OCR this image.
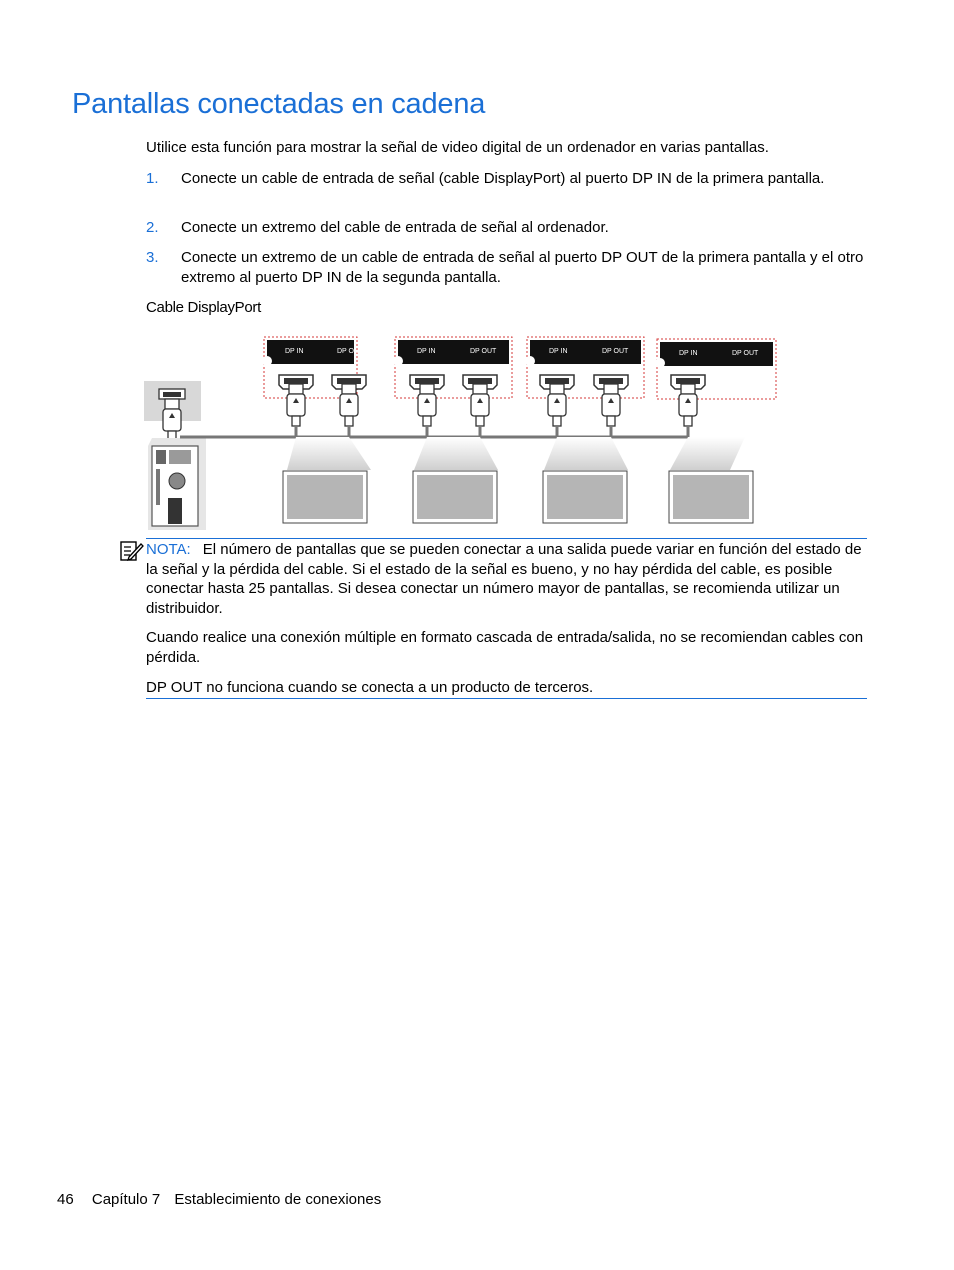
Pantallas conectadas en cadena

Utilice esta función para mostrar la señal de video digital de un ordenador en varias pantallas.

1. Conecte un cable de entrada de señal (cable DisplayPort) al puerto DP IN de la primera pantalla.
2. Conecte un extremo del cable de entrada de señal al ordenador.
3. Conecte un extremo de un cable de entrada de señal al puerto DP OUT de la primera pantalla y el otro extremo al puerto DP IN de la segunda pantalla.
Cable DisplayPort
DP IN	DP OUT	DP IN	DP OUT	DP IN	DP OUT	DP IN	DP OUT

NOTA: El número de pantallas que se pueden conectar a una salida puede variar en función del estado de la señal y la pérdida del cable. Si el estado de la señal es bueno, y no hay pérdida del cable, es posible conectar hasta 25 pantallas. Si desea conectar un número mayor de pantallas, se recomienda utilizar un distribuidor.

Cuando realice una conexión múltiple en formato cascada de entrada/salida, no se recomiendan cables con pérdida.

DP OUT no funciona cuando se conecta a un producto de terceros.

46 Capítulo 7 Establecimiento de conexiones
